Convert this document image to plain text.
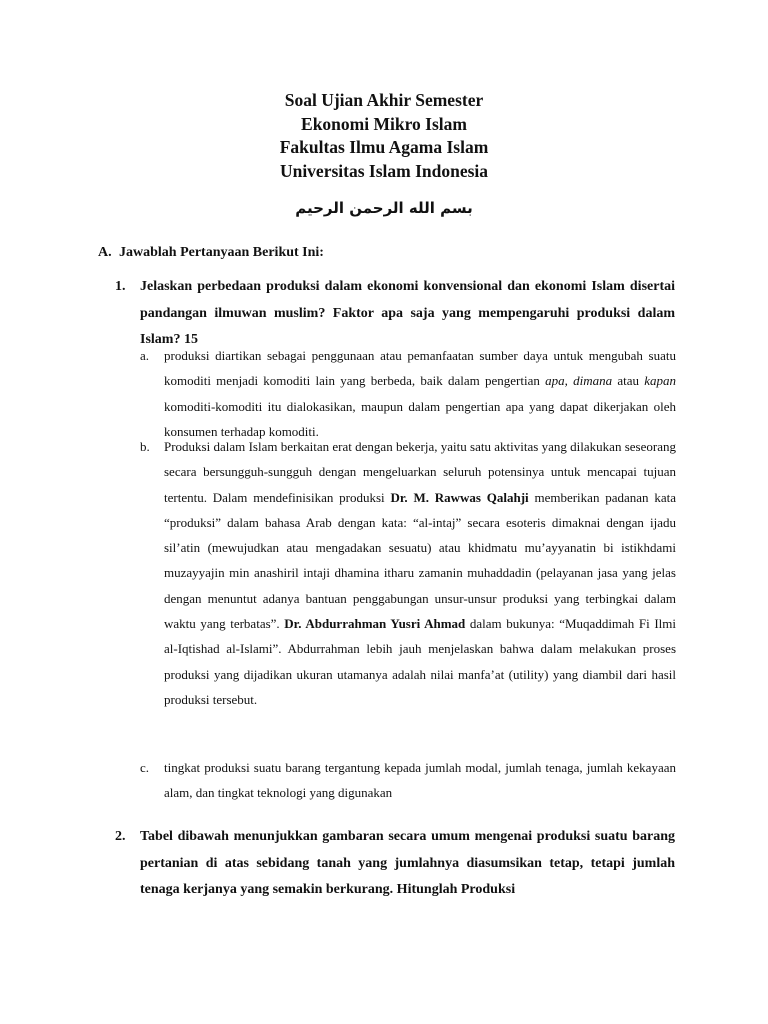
Soal Ujian Akhir Semester
Ekonomi Mikro Islam
Fakultas Ilmu Agama Islam
Universitas Islam Indonesia
بسم الله الرحمن الرحيم
A. Jawablah Pertanyaan Berikut Ini:
1. Jelaskan perbedaan produksi dalam ekonomi konvensional dan ekonomi Islam disertai pandangan ilmuwan muslim? Faktor apa saja yang mempengaruhi produksi dalam Islam? 15
a. produksi diartikan sebagai penggunaan atau pemanfaatan sumber daya untuk mengubah suatu komoditi menjadi komoditi lain yang berbeda, baik dalam pengertian apa, dimana atau kapan komoditi-komoditi itu dialokasikan, maupun dalam pengertian apa yang dapat dikerjakan oleh konsumen terhadap komoditi.
b. Produksi dalam Islam berkaitan erat dengan bekerja, yaitu satu aktivitas yang dilakukan seseorang secara bersungguh-sungguh dengan mengeluarkan seluruh potensinya untuk mencapai tujuan tertentu. Dalam mendefinisikan produksi Dr. M. Rawwas Qalahji memberikan padanan kata “produksi” dalam bahasa Arab dengan kata: “al-intaj” secara esoteris dimaknai dengan ijadu sil’atin (mewujudkan atau mengadakan sesuatu) atau khidmatu mu’ayyanatin bi istikhdami muzayyajin min anashiril intaji dhamina itharu zamanin muhaddadin (pelayanan jasa yang jelas dengan menuntut adanya bantuan penggabungan unsur-unsur produksi yang terbingkai dalam waktu yang terbatas”. Dr. Abdurrahman Yusri Ahmad dalam bukunya: “Muqaddimah Fi Ilmi al-Iqtishad al-Islami”. Abdurrahman lebih jauh menjelaskan bahwa dalam melakukan proses produksi yang dijadikan ukuran utamanya adalah nilai manfa’at (utility) yang diambil dari hasil produksi tersebut.
c. tingkat produksi suatu barang tergantung kepada jumlah modal, jumlah tenaga, jumlah kekayaan alam, dan tingkat teknologi yang digunakan
2. Tabel dibawah menunjukkan gambaran secara umum mengenai produksi suatu barang pertanian di atas sebidang tanah yang jumlahnya diasumsikan tetap, tetapi jumlah tenaga kerjanya yang semakin berkurang. Hitunglah Produksi
